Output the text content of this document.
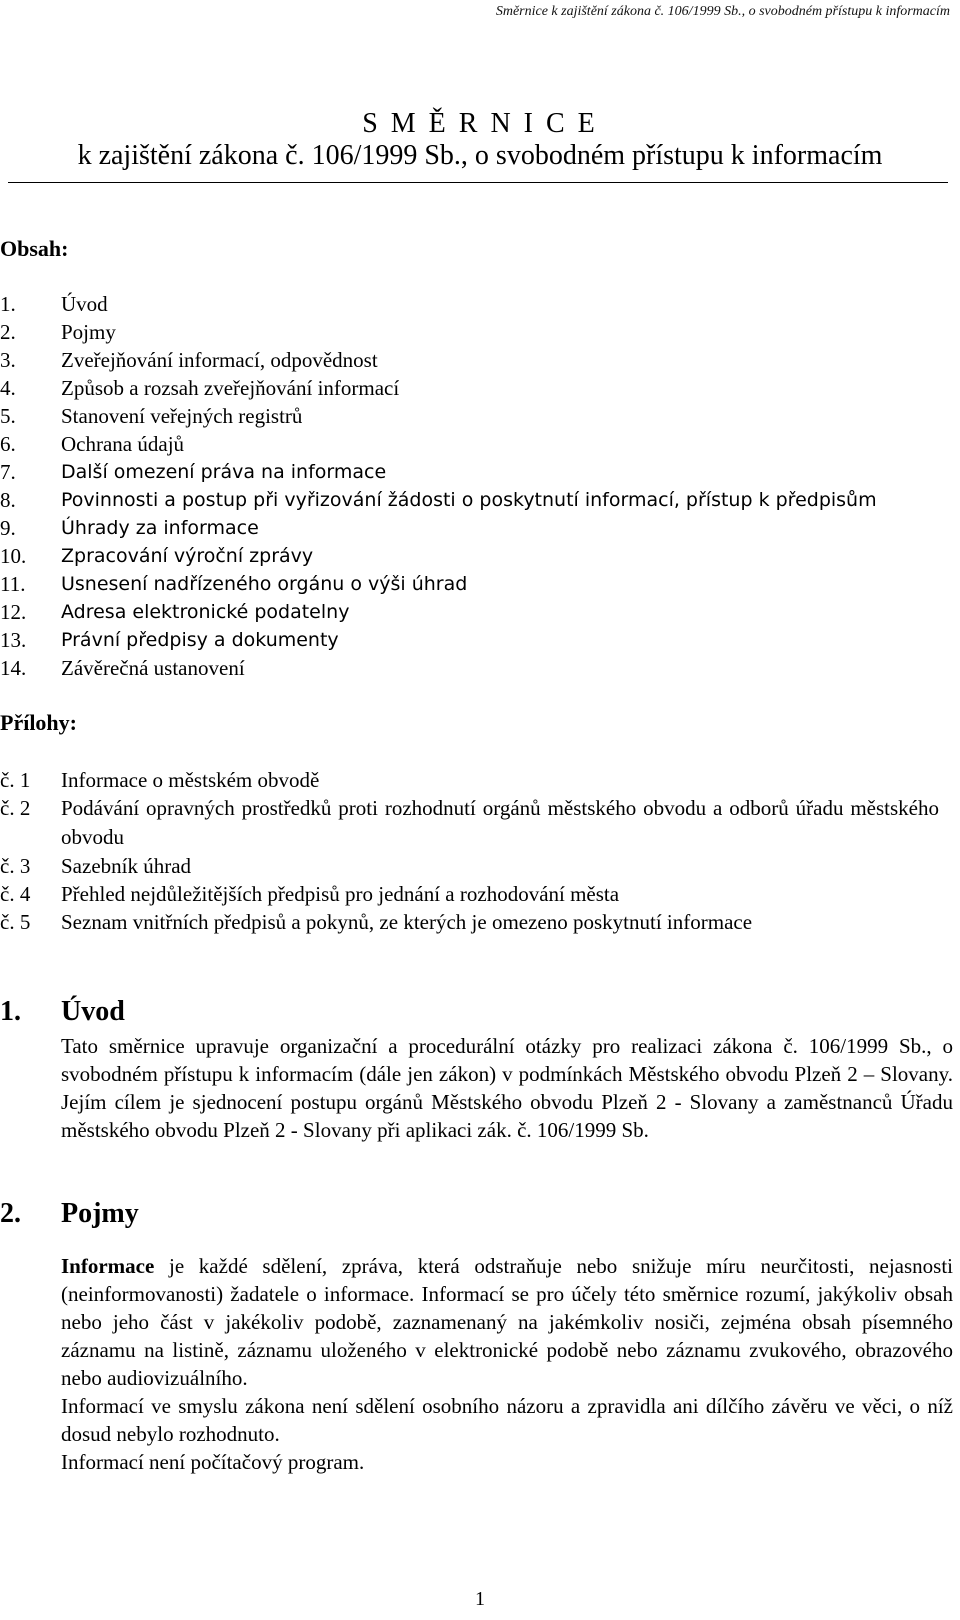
Směrnice k zajištění zákona č. 106/1999 Sb., o svobodném přístupu k informacím
S M Ě R N I C E
k zajištění zákona č. 106/1999 Sb., o svobodném přístupu k informacím
Obsah:
1.	Úvod
2.	Pojmy
3.	Zveřejňování informací, odpovědnost
4.	Způsob a rozsah zveřejňování informací
5.	Stanovení veřejných registrů
6.	Ochrana údajů
7.	Další omezení práva na informace
8.	Povinnosti a postup při vyřizování žádosti o poskytnutí informací, přístup k předpisům
9.	Úhrady za informace
10.	Zpracování výroční zprávy
11.	Usnesení nadřízeného orgánu o výši úhrad
12.	Adresa elektronické podatelny
13.	Právní předpisy a dokumenty
14.	Závěrečná ustanovení
Přílohy:
č. 1	Informace o městském obvodě
č. 2	Podávání opravných prostředků proti rozhodnutí orgánů městského obvodu a odborů úřadu městského obvodu
č. 3	Sazebník úhrad
č. 4	Přehled nejdůležitějších předpisů pro jednání a rozhodování města
č. 5	Seznam vnitřních předpisů a pokynů, ze kterých je omezeno poskytnutí informace
1. Úvod
Tato směrnice upravuje organizační a procedurální otázky pro realizaci zákona č. 106/1999 Sb., o svobodném přístupu k informacím (dále jen zákon) v podmínkách Městského obvodu Plzeň 2 – Slovany. Jejím cílem je sjednocení postupu orgánů Městského obvodu Plzeň 2 - Slovany a zaměstnanců Úřadu městského obvodu Plzeň 2 - Slovany při aplikaci zák. č. 106/1999 Sb.
2. Pojmy
Informace je každé sdělení, zpráva, která odstraňuje nebo snižuje míru neurčitosti, nejasnosti (neinformovanosti) žadatele o informace. Informací se pro účely této směrnice rozumí, jakýkoliv obsah nebo jeho část v jakékoliv podobě, zaznamenaný na jakémkoliv nosiči, zejména obsah písemného záznamu na listině, záznamu uloženého v elektronické podobě nebo záznamu zvukového, obrazového nebo audiovizuálního.
Informací ve smyslu zákona není sdělení osobního názoru a zpravidla ani dílčího závěru ve věci, o níž dosud nebylo rozhodnuto.
Informací není počítačový program.
1
